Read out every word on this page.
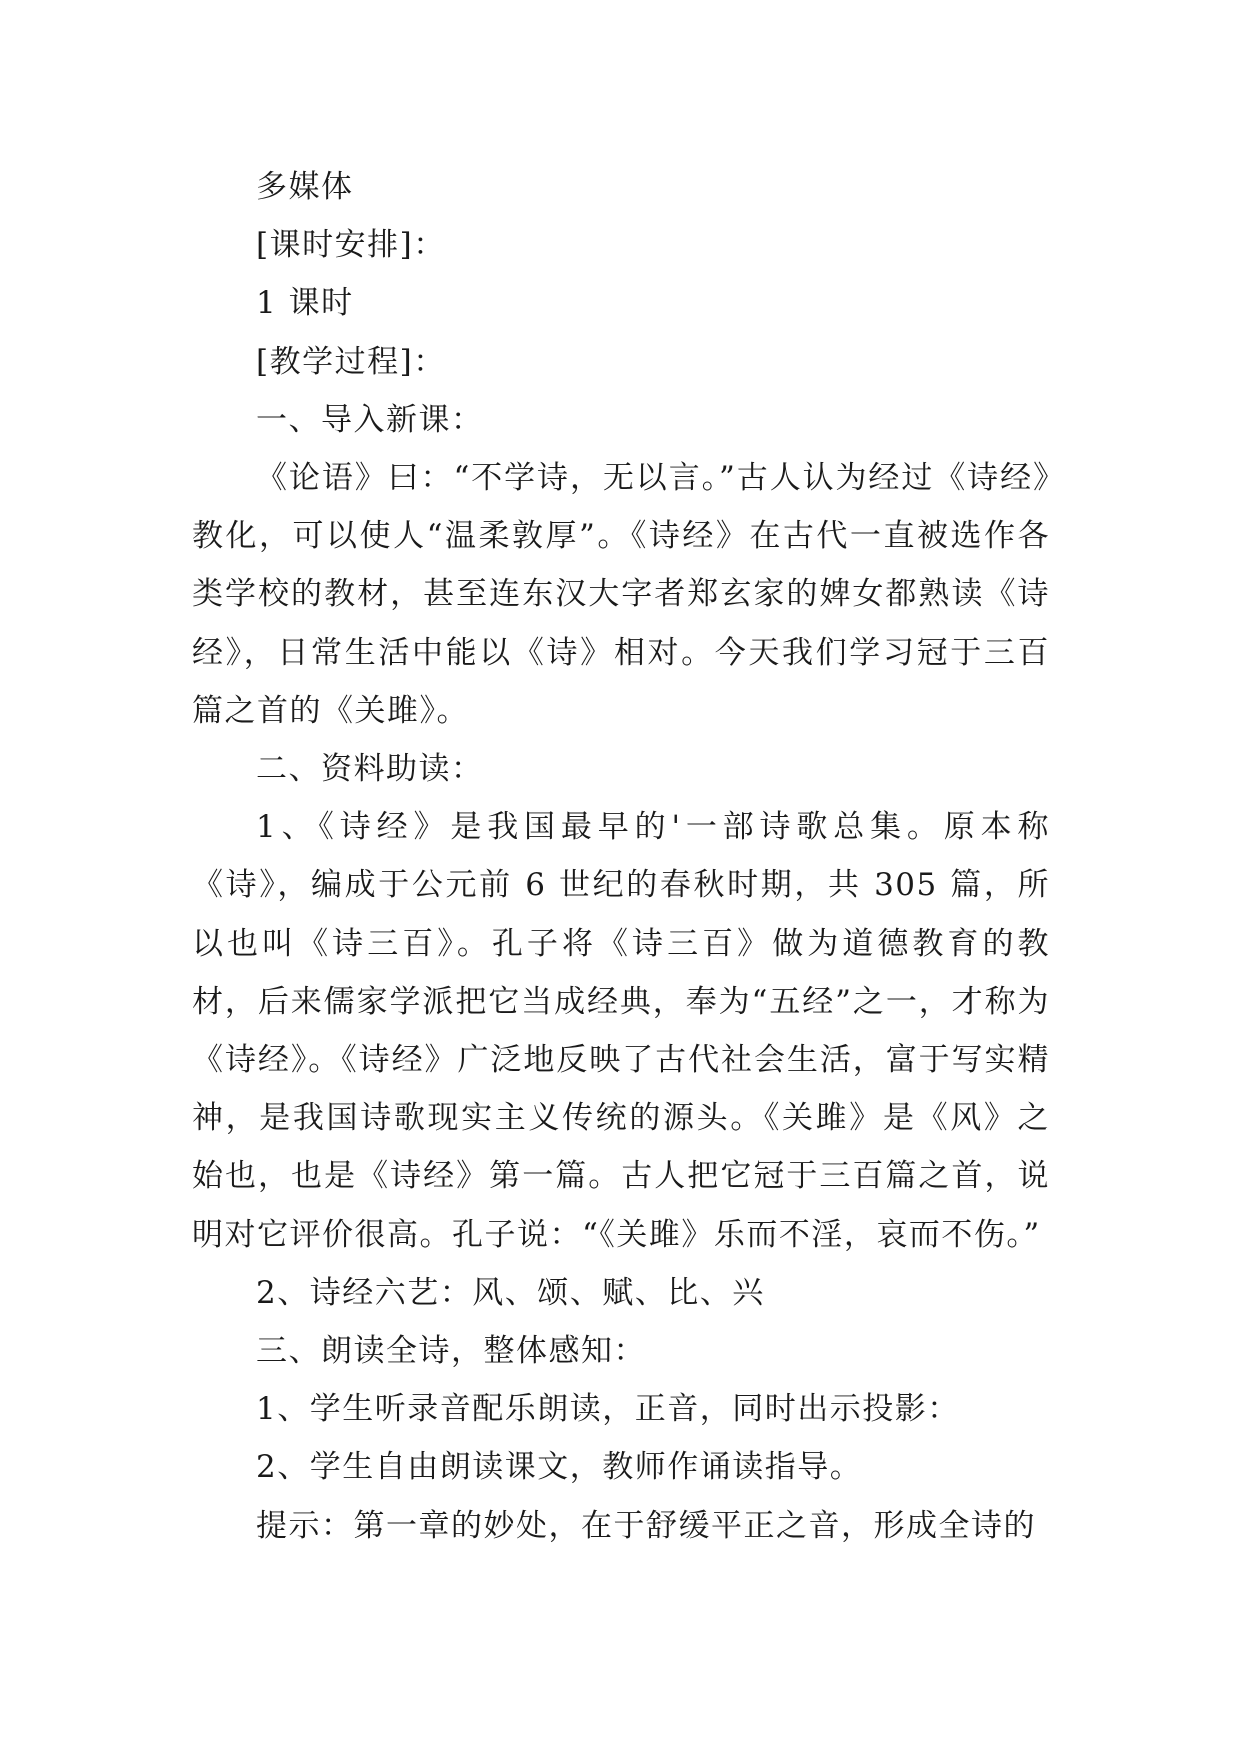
多媒体
[课时安排]：
1 课时
[教学过程]：
一、导入新课：
《论语》曰：“不学诗，无以言。”古人认为经过《诗经》教化，可以使人“温柔敦厚”。《诗经》在古代一直被选作各类学校的教材，甚至连东汉大字者郑玄家的婢女都熟读《诗经》，日常生活中能以《诗》相对。今天我们学习冠于三百篇之首的《关雎》。
二、资料助读：
1、《诗经》是我国最早的'一部诗歌总集。原本称《诗》，编成于公元前 6 世纪的春秋时期，共 305 篇，所以也叫《诗三百》。孔子将《诗三百》做为道德教育的教材，后来儒家学派把它当成经典，奉为“五经”之一，才称为《诗经》。《诗经》广泛地反映了古代社会生活，富于写实精神，是我国诗歌现实主义传统的源头。《关雎》是《风》之始也，也是《诗经》第一篇。古人把它冠于三百篇之首，说明对它评价很高。孔子说：“《关雎》乐而不淫，哀而不伤。”
2、诗经六艺：风、颂、赋、比、兴
三、朗读全诗，整体感知：
1、学生听录音配乐朗读，正音，同时出示投影：
2、学生自由朗读课文，教师作诵读指导。
提示：第一章的妙处，在于舒缓平正之音，形成全诗的
